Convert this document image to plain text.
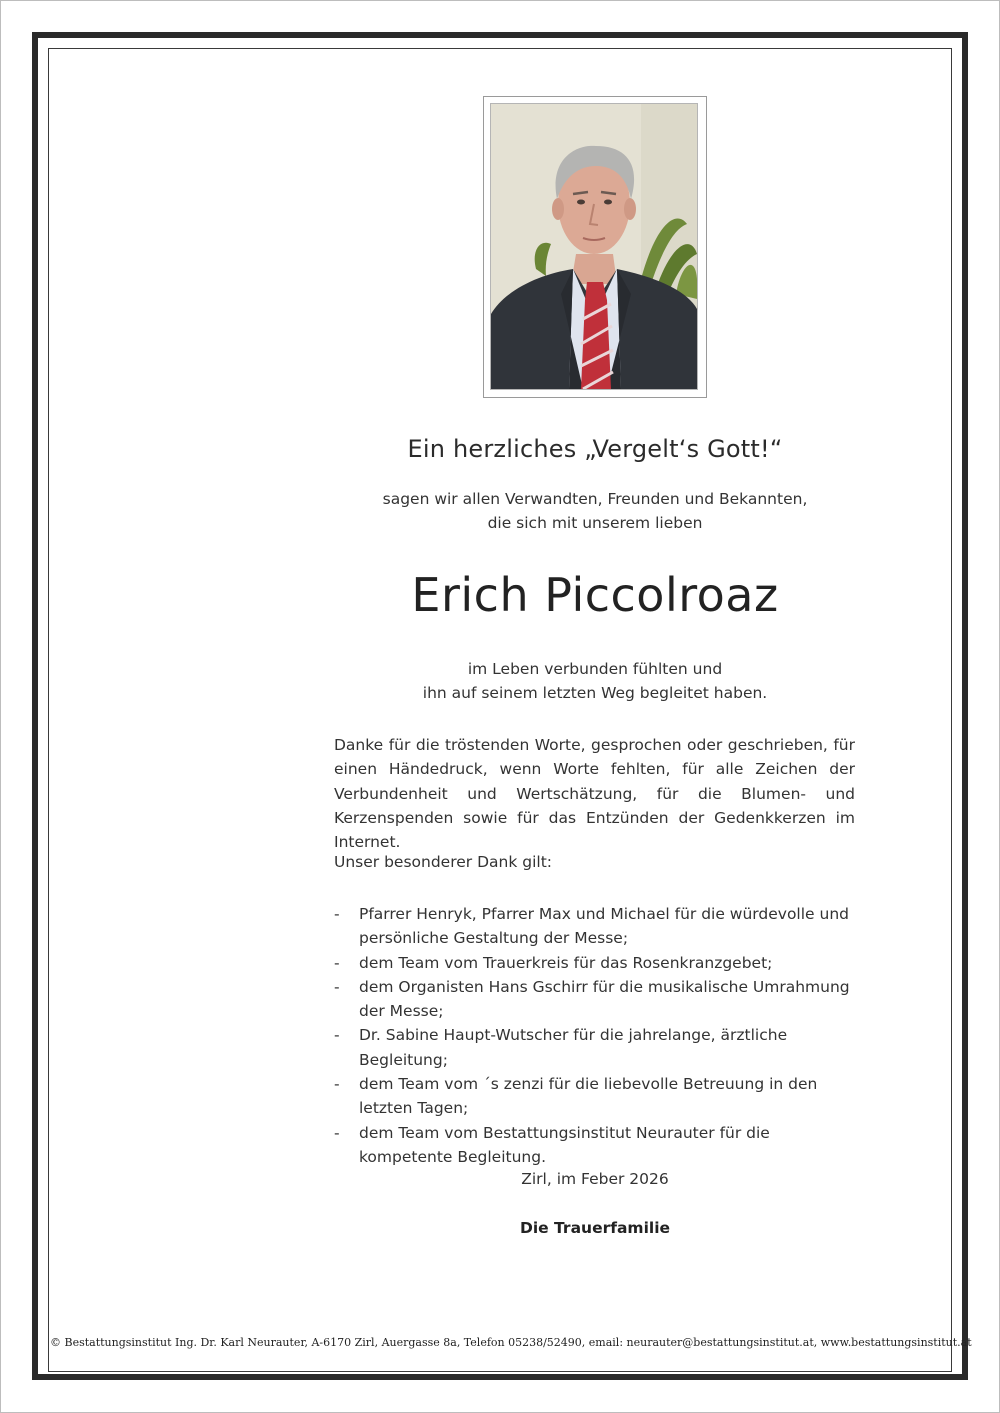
Ein herzliches „Vergelt‘s Gott!“
sagen wir allen Verwandten, Freunden und Bekannten,
die sich mit unserem lieben
Erich Piccolroaz
im Leben verbunden fühlten und
ihn auf seinem letzten Weg begleitet haben.
Danke für die tröstenden Worte, gesprochen oder geschrieben, für einen Händedruck, wenn Worte fehlten, für alle Zeichen der Verbundenheit und Wertschätzung, für die Blumen- und Kerzenspenden sowie für das Entzünden der Gedenkkerzen im Internet.
Unser besonderer Dank gilt:
- Pfarrer Henryk, Pfarrer Max und Michael für die würdevolle und persönliche Gestaltung der Messe;
- dem Team vom Trauerkreis für das Rosenkranzgebet;
- dem Organisten Hans Gschirr für die musikalische Umrahmung der Messe;
- Dr. Sabine Haupt-Wutscher für die jahrelange, ärztliche Begleitung;
- dem Team vom ´s zenzi für die liebevolle Betreuung in den letzten Tagen;
- dem Team vom Bestattungsinstitut Neurauter für die kompetente Begleitung.
Zirl, im Feber 2026
Die Trauerfamilie
© Bestattungsinstitut Ing. Dr. Karl Neurauter, A-6170 Zirl, Auergasse 8a, Telefon 05238/52490, email: neurauter@bestattungsinstitut.at, www.bestattungsinstitut.at
